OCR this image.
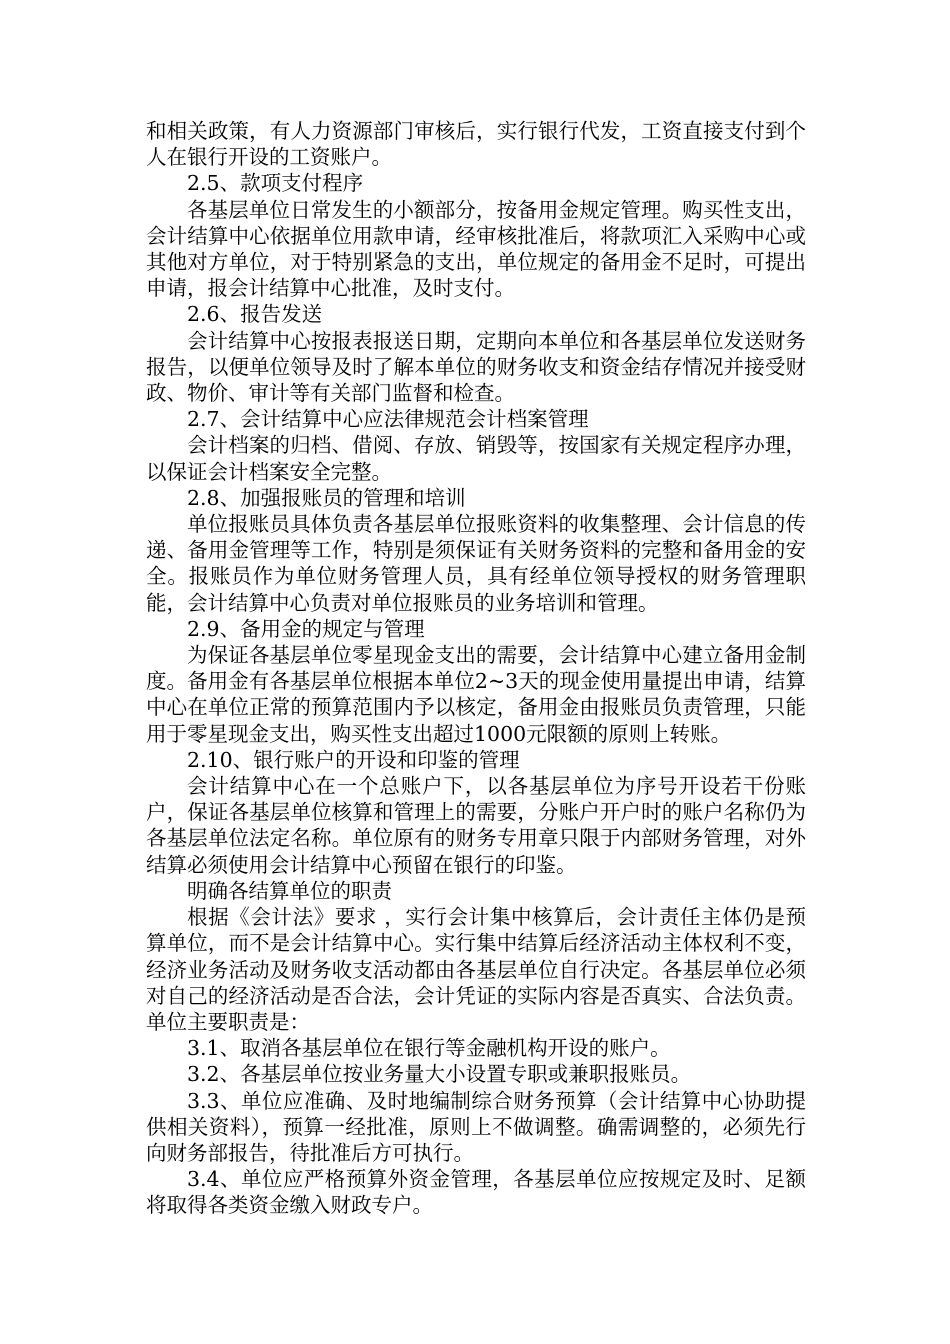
和相关政策，有人力资源部门审核后，实行银行代发，工资直接支付到个人在银行开设的工资账户。

2.5、款项支付程序

各基层单位日常发生的小额部分，按备用金规定管理。购买性支出，会计结算中心依据单位用款申请，经审核批准后，将款项汇入采购中心或其他对方单位，对于特别紧急的支出，单位规定的备用金不足时，可提出申请，报会计结算中心批准，及时支付。

2.6、报告发送

会计结算中心按报表报送日期，定期向本单位和各基层单位发送财务报告，以便单位领导及时了解本单位的财务收支和资金结存情况并接受财政、物价、审计等有关部门监督和检查。

2.7、会计结算中心应法律规范会计档案管理

会计档案的归档、借阅、存放、销毁等，按国家有关规定程序办理，以保证会计档案安全完整。

2.8、加强报账员的管理和培训

单位报账员具体负责各基层单位报账资料的收集整理、会计信息的传递、备用金管理等工作，特别是须保证有关财务资料的完整和备用金的安全。报账员作为单位财务管理人员，具有经单位领导授权的财务管理职能，会计结算中心负责对单位报账员的业务培训和管理。

2.9、备用金的规定与管理

为保证各基层单位零星现金支出的需要，会计结算中心建立备用金制度。备用金有各基层单位根据本单位2~3天的现金使用量提出申请，结算中心在单位正常的预算范围内予以核定，备用金由报账员负责管理，只能用于零星现金支出，购买性支出超过1000元限额的原则上转账。

2.10、银行账户的开设和印鉴的管理

会计结算中心在一个总账户下，以各基层单位为序号开设若干份账户，保证各基层单位核算和管理上的需要，分账户开户时的账户名称仍为各基层单位法定名称。单位原有的财务专用章只限于内部财务管理，对外结算必须使用会计结算中心预留在银行的印鉴。

明确各结算单位的职责

根据《会计法》要求 ，实行会计集中核算后，会计责任主体仍是预算单位，而不是会计结算中心。实行集中结算后经济活动主体权利不变，经济业务活动及财务收支活动都由各基层单位自行决定。各基层单位必须对自己的经济活动是否合法，会计凭证的实际内容是否真实、合法负责。单位主要职责是：

3.1、取消各基层单位在银行等金融机构开设的账户。

3.2、各基层单位按业务量大小设置专职或兼职报账员。

3.3、单位应准确、及时地编制综合财务预算（会计结算中心协助提供相关资料），预算一经批准，原则上不做调整。确需调整的，必须先行向财务部报告，待批准后方可执行。

3.4、单位应严格预算外资金管理，各基层单位应按规定及时、足额将取得各类资金缴入财政专户。
